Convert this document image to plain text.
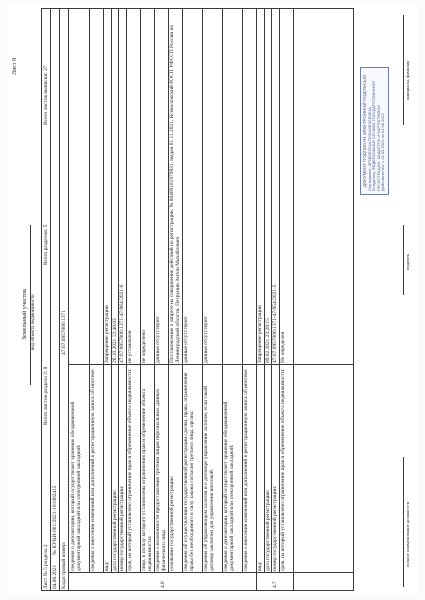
Лист 8
Земельный участок вид объекта недвижимости
Лист № 5 раздела 2
Всего листов раздела 2: 8
Всего разделов: 5
Всего листов выписки: 27
04.08.2021
№ КУВИ-001/2021-101902415
Кадастровый номер:
47:07:0957006:1371
сведения о депозитарии, который осуществляет хранение обездвиженной документарной закладной или электронной закладной: сведения о внесении изменений или дополнений в регистрационную запись об ипотеке: вид:
Запрещение регистрации
дата государственной регистрации:
26.10.2021 12:48:02
номер государственной регистрации:
47:07:0957006:1371-47/064/2021-6
срок, на который установлено ограничение прав и обременение объекта недвижимости:
не установлен
лицо, в пользу которого установлены ограничения прав и обременение объекта недвижимости:
не определено
сведения о возможности предоставления третьим лицам персональных данных физического лица
данные отсутствуют
основание государственной регистрации:
Постановление о запрете на совершение действий по регистрации, № 80409181979831, выдан 01.11.2021, Всеволожский РОСП УФССП России по Ленинградской области, Петрунин Антон Михайлович
сведения об осуществлении государственной регистрации сделки, права, ограничения права без необходимого в силу закона согласия третьего лица, органа:
данные отсутствуют
сведения об управляющем залогом и о договоре управления залогом, если такой договор заключен для управления ипотекой:
данные отсутствуют
сведения о депозитарии, который осуществляет хранение обездвиженной документарной закладной или электронной закладной: сведения о внесении изменений или дополнений в регистрационную запись об ипотеке:
4.6
вид:
Запрещение регистрации
дата государственной регистрации:
09.02.2021 23:28:15
номер государственной регистрации:
47:07:0957006:1371-47/054/2021-5
срок, на который установлено ограничение прав и обременение объекта недвижимости:
Не определен
4.7
ДОКУМЕНТ ПОДПИСАН ЭЛЕКТРОННОЙ ПОДПИСЬЮ Сертификат: 0F5B3E2C4A7D91A6E3CE0E1A Владелец: ФЕДЕРАЛЬНАЯ СЛУЖБА ГОСУДАРСТВЕННОЙ РЕГИСТРАЦИИ, КАДАСТРА И КАРТОГРАФИИ Действителен: с 01.03.2021 по 01.06.2022
полное наименование должности
подпись
инициалы, фамилия
